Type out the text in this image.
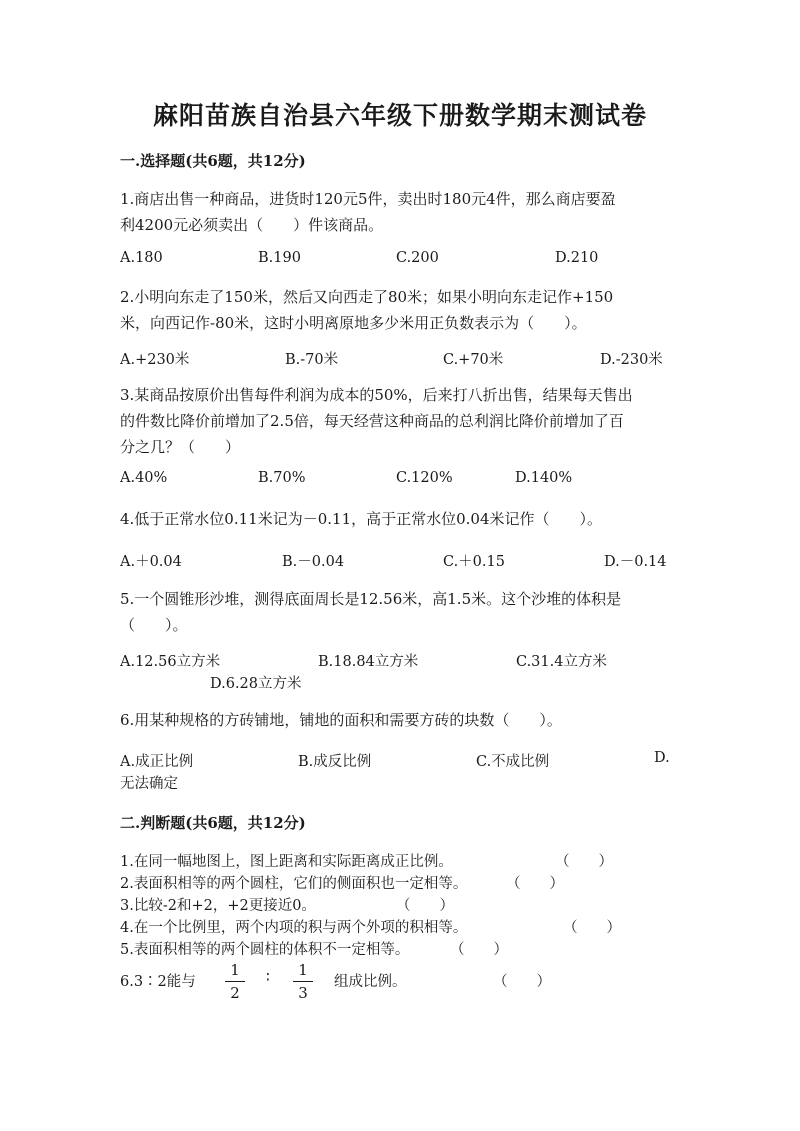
麻阳苗族自治县六年级下册数学期末测试卷
一.选择题(共6题，共12分)
1.商店出售一种商品，进货时120元5件，卖出时180元4件，那么商店要盈
利4200元必须卖出（　　）件该商品。
A.180	B.190	C.200	D.210
2.小明向东走了150米，然后又向西走了80米；如果小明向东走记作+150
米，向西记作-80米，这时小明离原地多少米用正负数表示为（　　）。
A.+230米	B.-70米	C.+70米	D.-230米
3.某商品按原价出售每件利润为成本的50%，后来打八折出售，结果每天售出
的件数比降价前增加了2.5倍，每天经营这种商品的总利润比降价前增加了百
分之几？（　　）
A.40%	B.70%	C.120%	D.140%
4.低于正常水位0.11米记为－0.11，高于正常水位0.04米记作（　　）。
A.＋0.04	B.－0.04	C.＋0.15	D.－0.14
5.一个圆锥形沙堆，测得底面周长是12.56米，高1.5米。这个沙堆的体积是
（　　）。
A.12.56立方米	B.18.84立方米	C.31.4立方米
D.6.28立方米
6.用某种规格的方砖铺地，铺地的面积和需要方砖的块数（　　）。
A.成正比例	B.成反比例	C.不成比例	D.
无法确定
二.判断题(共6题，共12分)
1.在同一幅地图上，图上距离和实际距离成正比例。	（　　）
2.表面积相等的两个圆柱，它们的侧面积也一定相等。	（　　）
3.比较-2和+2，+2更接近0。	（　　）
4.在一个比例里，两个内项的积与两个外项的积相等。	（　　）
5.表面积相等的两个圆柱的体积不一定相等。	（　　）
6.3∶2能与
1
2
∶	1
3
组成比例。	（　　）
